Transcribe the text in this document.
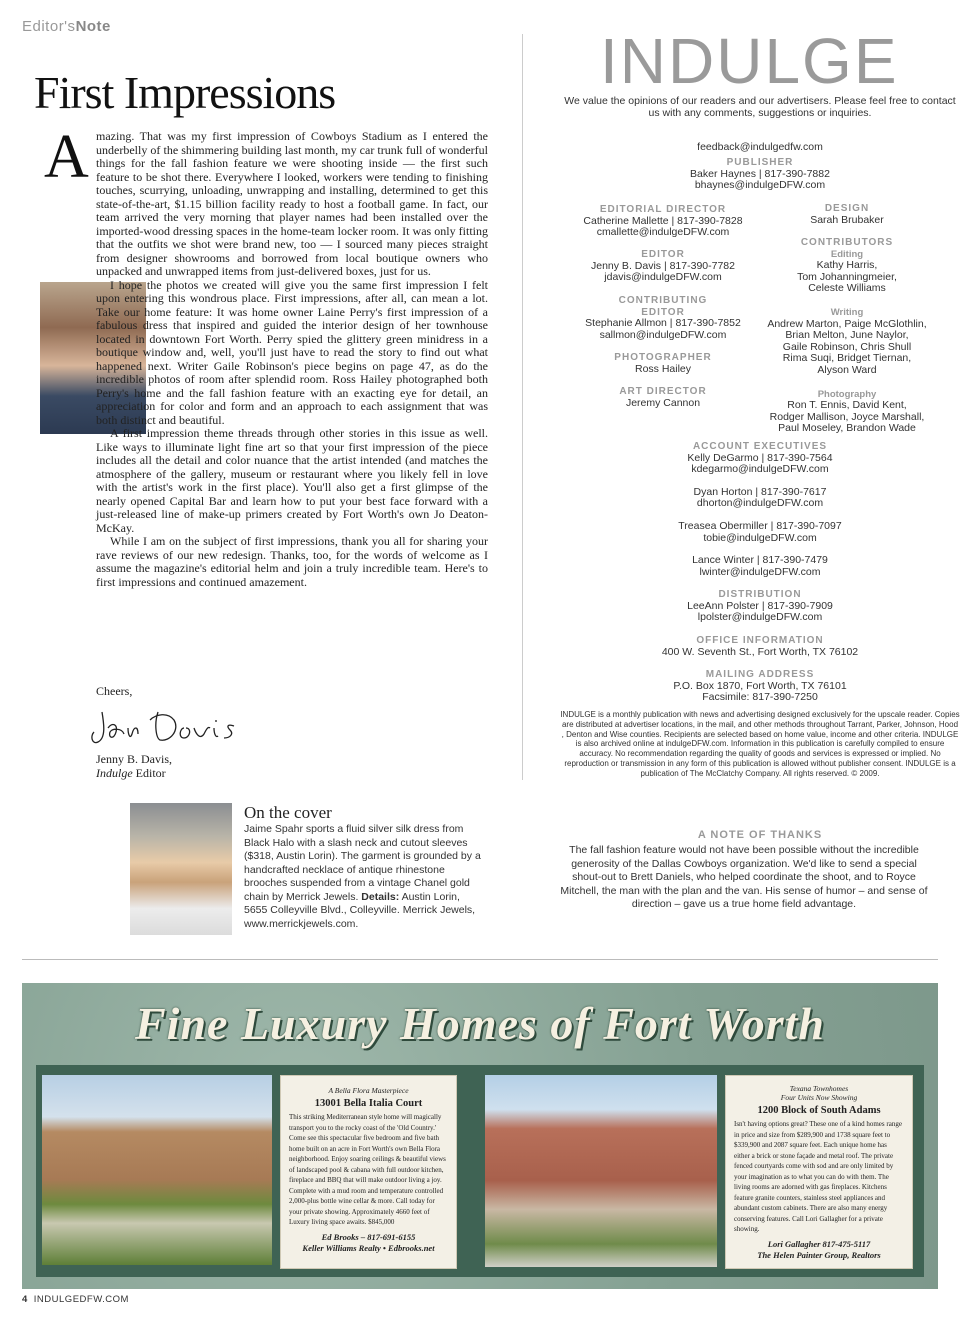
Editor'sNote
First Impressions

Amazing. That was my first impression of Cowboys Stadium as I entered the underbelly of the shimmering building last month, my car trunk full of wonderful things for the fall fashion feature we were shooting inside — the first such feature to be shot there. Everywhere I looked, workers were tending to finishing touches, scurrying, unloading, unwrapping and installing, determined to get this state-of-the-art, $1.15 billion facility ready to host a football game. In fact, our team arrived the very morning that player names had been installed over the imported-wood dressing spaces in the home-team locker room. It was only fitting that the outfits we shot were brand new, too — I sourced many pieces straight from designer showrooms and borrowed from local boutique owners who unpacked and unwrapped items from just-delivered boxes, just for us.

I hope the photos we created will give you the same first impression I felt upon entering this wondrous place. First impressions, after all, can mean a lot. Take our home feature: It was home owner Laine Perry's first impression of a fabulous dress that inspired and guided the interior design of her townhouse located in downtown Fort Worth. Perry spied the glittery green minidress in a boutique window and, well, you'll just have to read the story to find out what happened next. Writer Gaile Robinson's piece begins on page 47, as do the incredible photos of room after splendid room. Ross Hailey photographed both Perry's home and the fall fashion feature with an exacting eye for detail, an appreciation for color and form and an approach to each assignment that was both distinct and beautiful.

A first impression theme threads through other stories in this issue as well. Like ways to illuminate light fine art so that your first impression of the piece includes all the detail and color nuance that the artist intended (and matches the atmosphere of the gallery, museum or restaurant where you likely fell in love with the artist's work in the first place). You'll also get a first glimpse of the nearly opened Capital Bar and learn how to put your best face forward with a just-released line of make-up primers created by Fort Worth's own Jo Deaton-McKay.

While I am on the subject of first impressions, thank you all for sharing your rave reviews of our new redesign. Thanks, too, for the words of welcome as I assume the magazine's editorial helm and join a truly incredible team. Here's to first impressions and continued amazement.

Cheers,
Jenny B. Davis,
Indulge Editor
INDULGE
We value the opinions of our readers and our advertisers. Please feel free to contact us with any comments, suggestions or inquiries.
feedback@indulgedfw.com
PUBLISHER
Baker Haynes | 817-390-7882
bhaynes@indulgeDFW.com
EDITORIAL DIRECTOR
Catherine Mallette | 817-390-7828
cmallette@indulgeDFW.com
EDITOR
Jenny B. Davis | 817-390-7782
jdavis@indulgeDFW.com
CONTRIBUTING EDITOR
Stephanie Allmon | 817-390-7852
sallmon@indulgeDFW.com
PHOTOGRAPHER
Ross Hailey
ART DIRECTOR
Jeremy Cannon
DESIGN
Sarah Brubaker
CONTRIBUTORS
Editing
Kathy Harris,
Tom Johanningmeier,
Celeste Williams
Writing
Andrew Marton, Paige McGlothlin,
Brian Melton, June Naylor,
Gaile Robinson, Chris Shull
Rima Suqi, Bridget Tiernan,
Alyson Ward
Photography
Ron T. Ennis, David Kent,
Rodger Mallison, Joyce Marshall,
Paul Moseley, Brandon Wade
ACCOUNT EXECUTIVES
Kelly DeGarmo | 817-390-7564
kdegarmo@indulgeDFW.com
Dyan Horton | 817-390-7617
dhorton@indulgeDFW.com
Treasea Obermiller | 817-390-7097
tobie@indulgeDFW.com
Lance Winter | 817-390-7479
lwinter@indulgeDFW.com
DISTRIBUTION
LeeAnn Polster | 817-390-7909
lpolster@indulgeDFW.com
OFFICE INFORMATION
400 W. Seventh St., Fort Worth, TX 76102
MAILING ADDRESS
P.O. Box 1870, Fort Worth, TX 76101
Facsimile: 817-390-7250
INDULGE is a monthly publication with news and advertising designed exclusively for the upscale reader. Copies are distributed at advertiser locations, in the mail, and other methods throughout Tarrant, Parker, Johnson, Hood , Denton and Wise counties. Recipients are selected based on home value, income and other criteria. INDULGE is also archived online at indulgeDFW.com. Information in this publication is carefully compiled to ensure accuracy. No recommendation regarding the quality of goods and services is expressed or implied. No reproduction or transmission in any form of this publication is allowed without publisher consent. INDULGE is a publication of The McClatchy Company. All rights reserved. © 2009.
On the cover
Jaime Spahr sports a fluid silver silk dress from Black Halo with a slash neck and cutout sleeves ($318, Austin Lorin). The garment is grounded by a handcrafted necklace of antique rhinestone brooches suspended from a vintage Chanel gold chain by Merrick Jewels. Details: Austin Lorin, 5655 Colleyville Blvd., Colleyville. Merrick Jewels, www.merrickjewels.com.
A NOTE OF THANKS
The fall fashion feature would not have been possible without the incredible generosity of the Dallas Cowboys organization. We'd like to send a special shout-out to Brett Daniels, who helped coordinate the shoot, and to Royce Mitchell, the man with the plan and the van. His sense of humor – and sense of direction – gave us a true home field advantage.
Fine Luxury Homes of Fort Worth
A Bella Flora Masterpiece
13001 Bella Italia Court
This striking Mediterranean style home will magically transport you to the rocky coast of the 'Old Country.' Come see this spectacular five bedroom and five bath home built on an acre in Fort Worth's own Bella Flora neighborhood. Enjoy soaring ceilings & beautiful views of landscaped pool & cabana with full outdoor kitchen, fireplace and BBQ that will make outdoor living a joy. Complete with a mud room and temperature controlled 2,000-plus bottle wine cellar & more. Call today for your private showing. Approximately 4660 feet of Luxury living space awaits. $845,000
Ed Brooks – 817-691-6155
Keller Williams Realty • Edbrooks.net
Texana Townhomes
Four Units Now Showing
1200 Block of South Adams
Isn't having options great? These one of a kind homes range in price and size from $289,900 and 1738 square feet to $339,900 and 2087 square feet. Each unique home has either a brick or stone façade and metal roof. The private fenced courtyards come with sod and are only limited by your imagination as to what you can do with them. The living rooms are adorned with gas fireplaces. Kitchens feature granite counters, stainless steel appliances and abundant custom cabinets. There are also many energy conserving features. Call Lori Gallagher for a private showing.
Lori Gallagher 817-475-5117
The Helen Painter Group, Realtors
4 INDULGEDFW.COM
